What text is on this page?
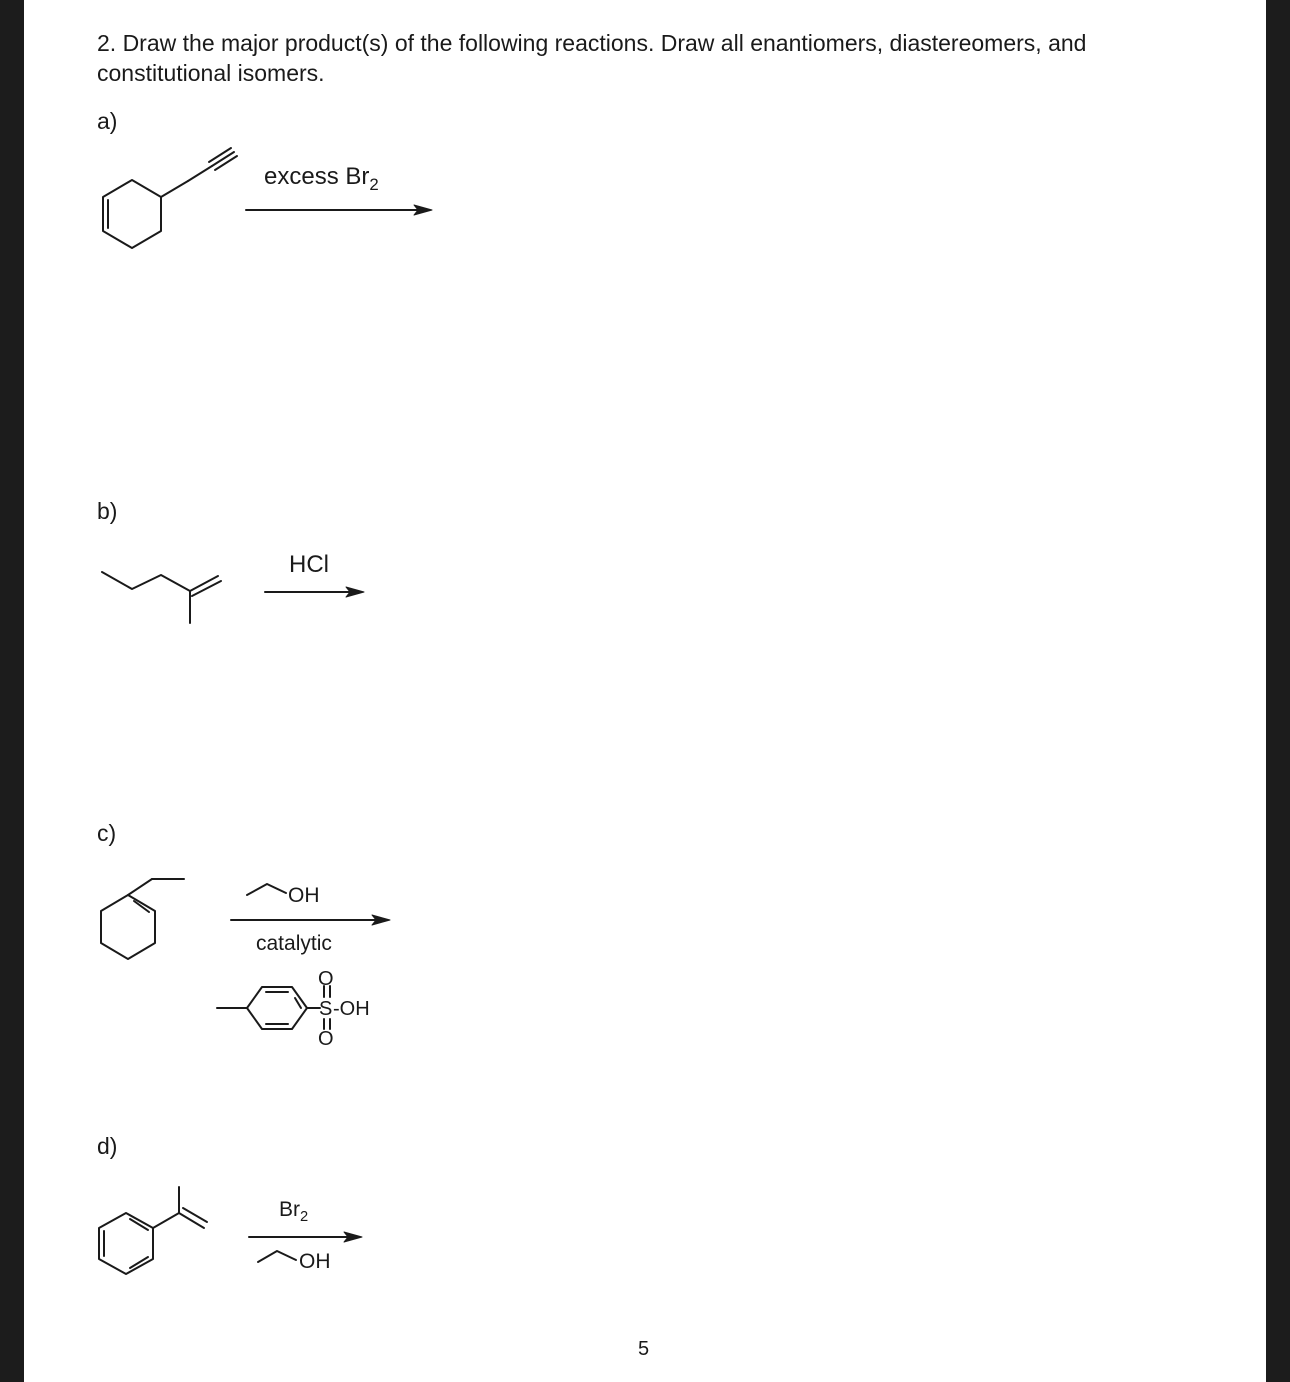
2. Draw the major product(s) of the following reactions. Draw all enantiomers, diastereomers, and constitutional isomers.
a)
b)
c)
d)
excess $Br_2$
HCl
OH
catalytic
$Br_2$
OH
O
S -OH
O
5
